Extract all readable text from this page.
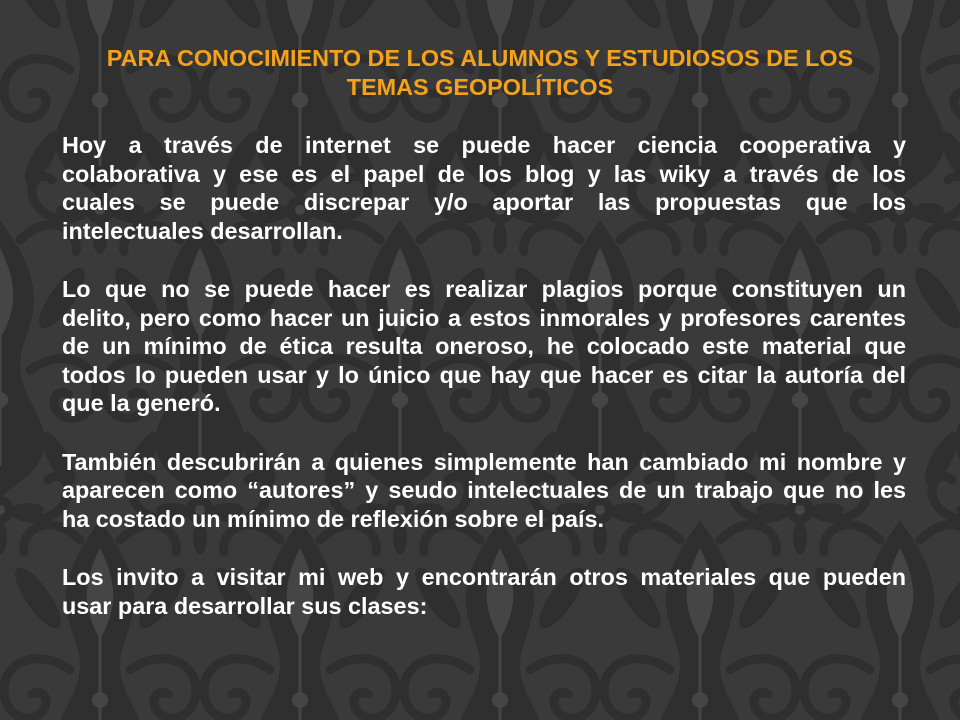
PARA CONOCIMIENTO DE LOS ALUMNOS Y ESTUDIOSOS DE LOS
TEMAS GEOPOLÍTICOS
Hoy a través de internet se puede hacer ciencia cooperativa y
colaborativa y ese es el papel de los blog y las wiky a través de los
cuales se puede discrepar y/o aportar las propuestas que los
intelectuales desarrollan.
Lo que no se puede hacer es realizar plagios porque constituyen un
delito, pero como hacer un juicio a estos inmorales y profesores carentes
de un mínimo de ética resulta oneroso, he colocado este material que
todos lo pueden usar y lo único que hay que hacer es citar la autoría del
que la generó.
También descubrirán a quienes simplemente han cambiado mi nombre y
aparecen como “autores” y seudo intelectuales de un trabajo que no les
ha costado un mínimo de reflexión sobre el país.
Los invito a visitar mi web y encontrarán otros materiales que pueden
usar para desarrollar sus clases:
